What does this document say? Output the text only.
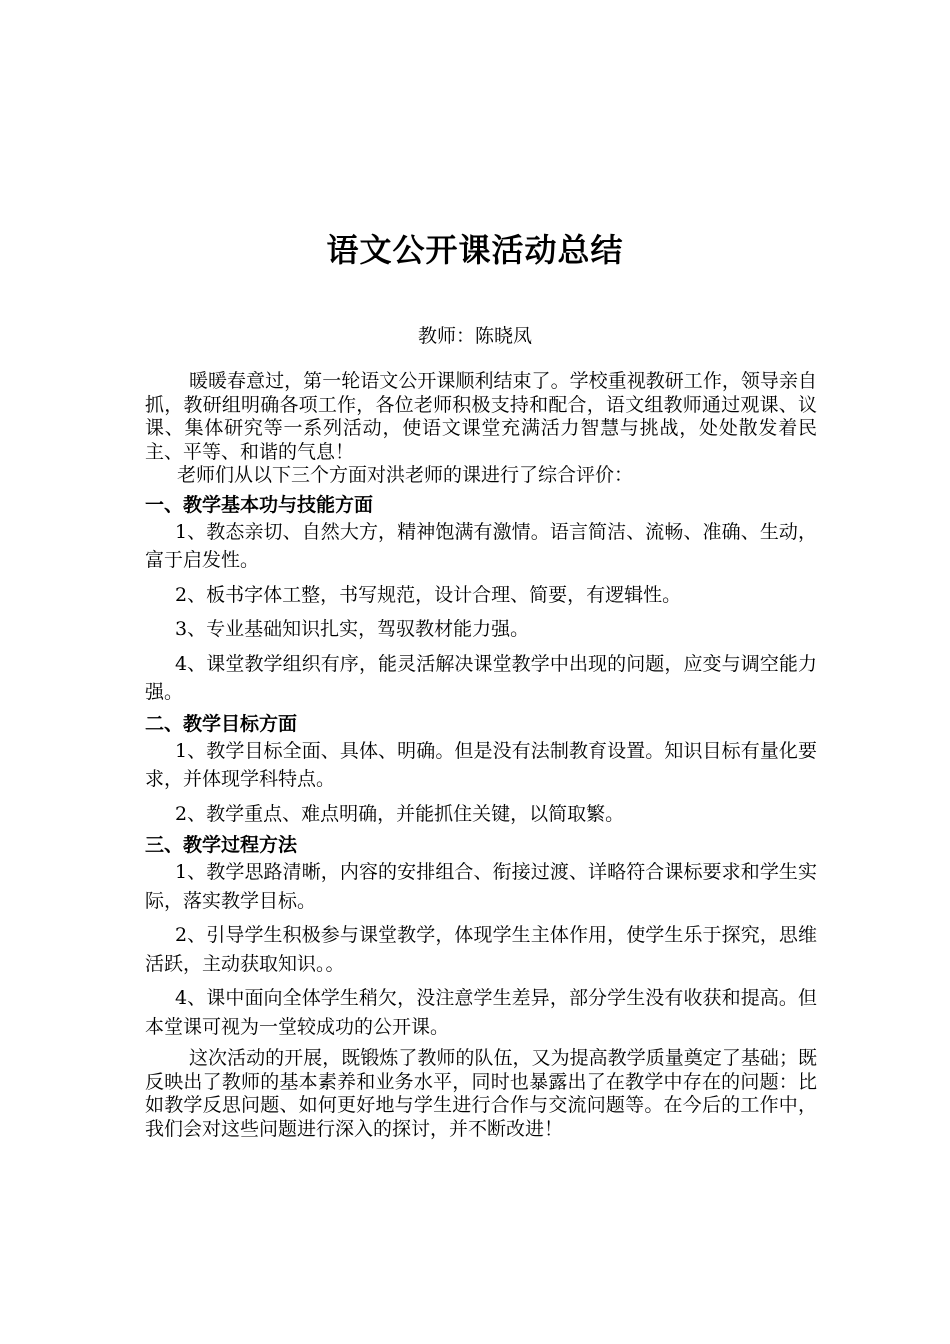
语文公开课活动总结
教师：陈晓凤

暖暖春意过，第一轮语文公开课顺利结束了。学校重视教研工作，领导亲自抓，教研组明确各项工作，各位老师积极支持和配合，语文组教师通过观课、议课、集体研究等一系列活动，使语文课堂充满活力智慧与挑战，处处散发着民主、平等、和谐的气息！

老师们从以下三个方面对洪老师的课进行了综合评价：

一、教学基本功与技能方面

1、教态亲切、自然大方，精神饱满有激情。语言简洁、流畅、准确、生动，富于启发性。

2、板书字体工整，书写规范，设计合理、简要，有逻辑性。

3、专业基础知识扎实，驾驭教材能力强。

4、课堂教学组织有序，能灵活解决课堂教学中出现的问题，应变与调空能力强。

二、教学目标方面

1、教学目标全面、具体、明确。但是没有法制教育设置。知识目标有量化要求，并体现学科特点。

2、教学重点、难点明确，并能抓住关键，以简取繁。

三、教学过程方法

1、教学思路清晰，内容的安排组合、衔接过渡、详略符合课标要求和学生实际，落实教学目标。

2、引导学生积极参与课堂教学，体现学生主体作用，使学生乐于探究，思维活跃，主动获取知识。。

4、课中面向全体学生稍欠，没注意学生差异，部分学生没有收获和提高。但本堂课可视为一堂较成功的公开课。

这次活动的开展，既锻炼了教师的队伍，又为提高教学质量奠定了基础；既反映出了教师的基本素养和业务水平，同时也暴露出了在教学中存在的问题：比如教学反思问题、如何更好地与学生进行合作与交流问题等。在今后的工作中，我们会对这些问题进行深入的探讨，并不断改进！
